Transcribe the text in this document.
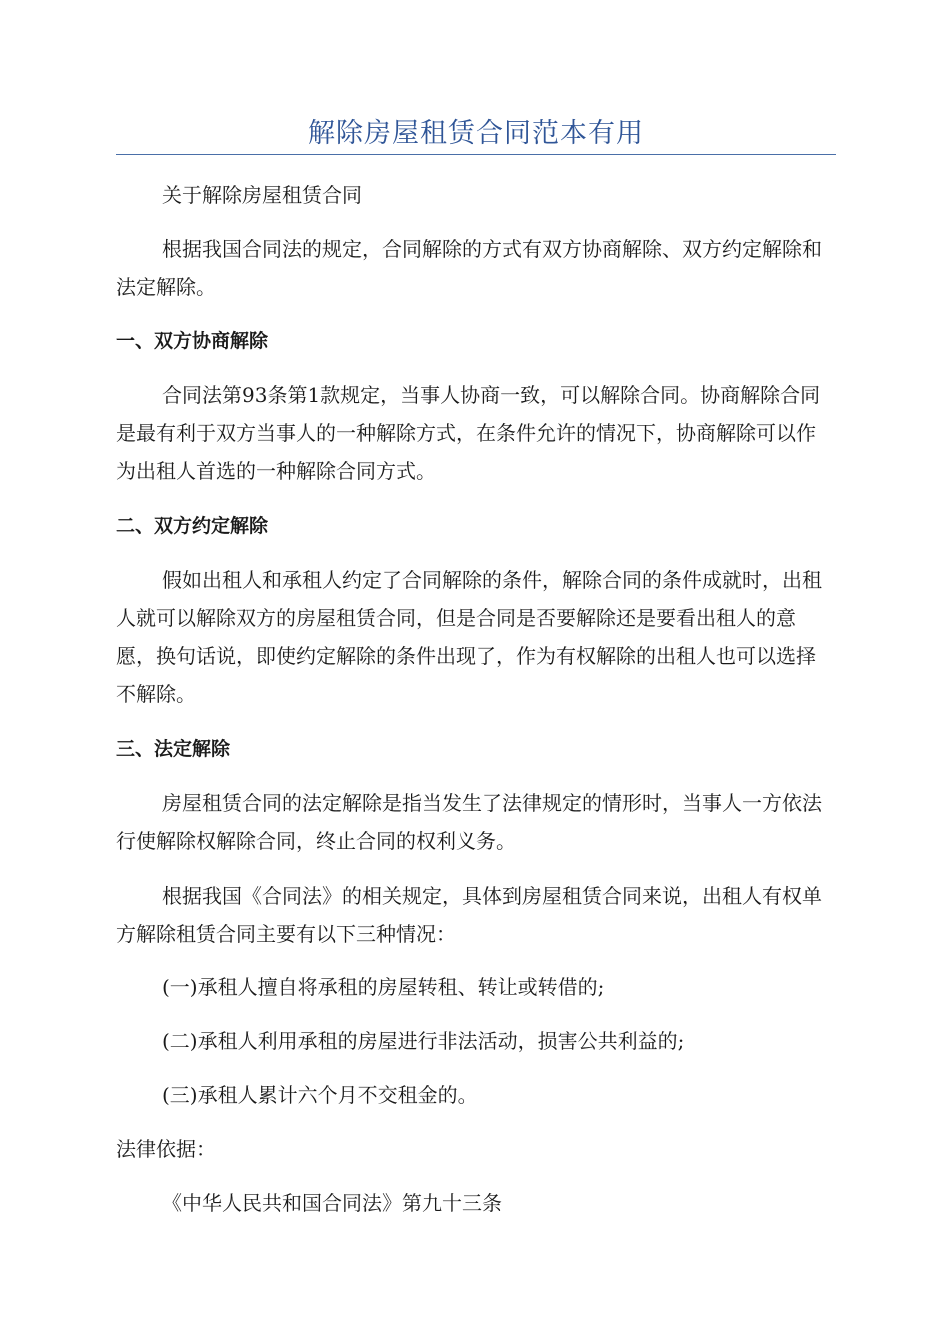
解除房屋租赁合同范本有用

关于解除房屋租赁合同

根据我国合同法的规定，合同解除的方式有双方协商解除、双方约定解除和法定解除。

一、双方协商解除

合同法第93条第1款规定，当事人协商一致，可以解除合同。协商解除合同是最有利于双方当事人的一种解除方式，在条件允许的情况下，协商解除可以作为出租人首选的一种解除合同方式。

二、双方约定解除

假如出租人和承租人约定了合同解除的条件，解除合同的条件成就时，出租人就可以解除双方的房屋租赁合同，但是合同是否要解除还是要看出租人的意愿，换句话说，即使约定解除的条件出现了，作为有权解除的出租人也可以选择不解除。

三、法定解除

房屋租赁合同的法定解除是指当发生了法律规定的情形时，当事人一方依法行使解除权解除合同，终止合同的权利义务。

根据我国《合同法》的相关规定，具体到房屋租赁合同来说，出租人有权单方解除租赁合同主要有以下三种情况：

(一)承租人擅自将承租的房屋转租、转让或转借的;

(二)承租人利用承租的房屋进行非法活动，损害公共利益的;

(三)承租人累计六个月不交租金的。

法律依据：

《中华人民共和国合同法》第九十三条
